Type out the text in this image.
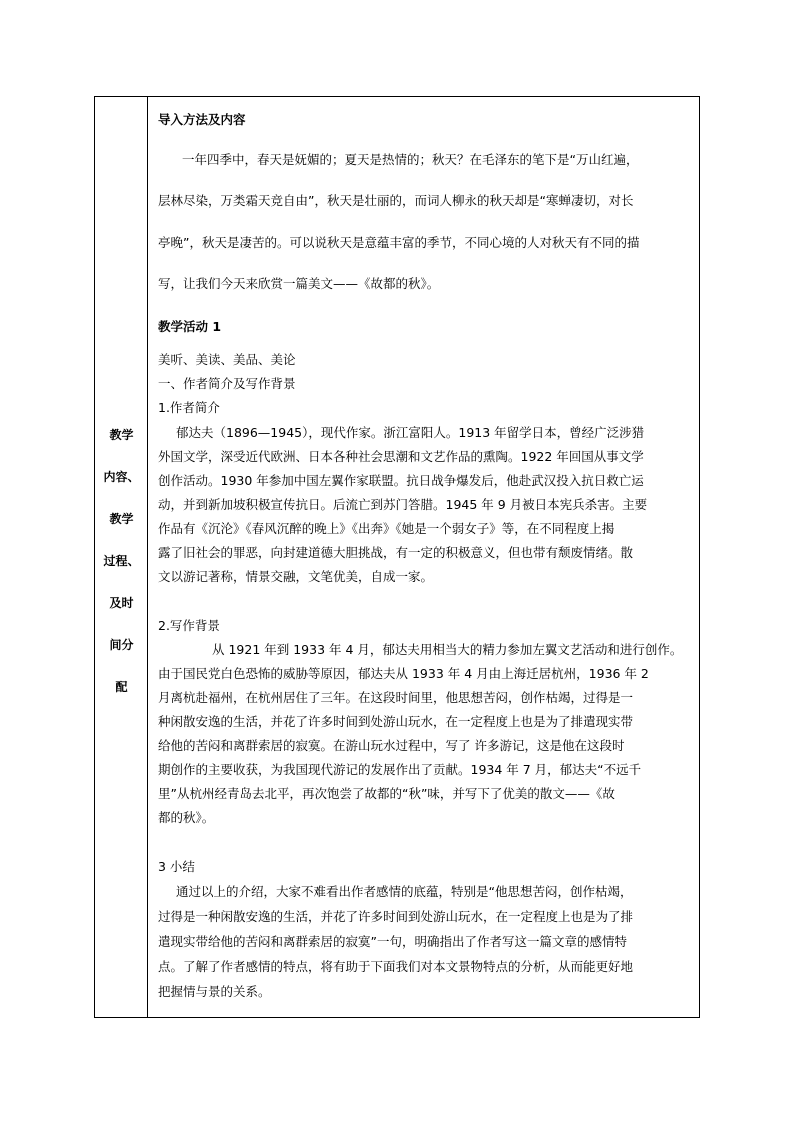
教学
内容、
教学
过程、
及时
间分
配
导入方法及内容
一年四季中，春天是妩媚的；夏天是热情的；秋天？在毛泽东的笔下是“万山红遍，
层林尽染，万类霜天竞自由”，秋天是壮丽的，而词人柳永的秋天却是“寒蝉凄切，对长
亭晚”，秋天是凄苦的。可以说秋天是意蕴丰富的季节，不同心境的人对秋天有不同的描
写，让我们今天来欣赏一篇美文——《故都的秋》。
教学活动 1
美听、美读、美品、美论
一、作者简介及写作背景
1.作者简介
郁达夫（1896—1945），现代作家。浙江富阳人。1913 年留学日本，曾经广泛涉猎
外国文学，深受近代欧洲、日本各种社会思潮和文艺作品的熏陶。1922 年回国从事文学
创作活动。1930 年参加中国左翼作家联盟。抗日战争爆发后，他赴武汉投入抗日救亡运
动，并到新加坡积极宣传抗日。后流亡到苏门答腊。1945 年 9 月被日本宪兵杀害。主要
作品有《沉沦》《春风沉醉的晚上》《出奔》《她是一个弱女子》等，在不同程度上揭
露了旧社会的罪恶，向封建道德大胆挑战，有一定的积极意义，但也带有颓废情绪。散
文以游记著称，情景交融，文笔优美，自成一家。
2.写作背景
从 1921 年到 1933 年 4 月，郁达夫用相当大的精力参加左翼文艺活动和进行创作。
由于国民党白色恐怖的威胁等原因，郁达夫从 1933 年 4 月由上海迁居杭州，1936 年 2
月离杭赴福州，在杭州居住了三年。在这段时间里，他思想苦闷，创作枯竭，过得是一
种闲散安逸的生活，并花了许多时间到处游山玩水，在一定程度上也是为了排遣现实带
给他的苦闷和离群索居的寂寞。在游山玩水过程中，写了 许多游记，这是他在这段时
期创作的主要收获，为我国现代游记的发展作出了贡献。1934 年 7 月，郁达夫“不远千
里”从杭州经青岛去北平，再次饱尝了故都的“秋”味，并写下了优美的散文——《故
都的秋》。
3 小结
通过以上的介绍，大家不难看出作者感情的底蕴，特别是“他思想苦闷，创作枯竭，
过得是一种闲散安逸的生活，并花了许多时间到处游山玩水，在一定程度上也是为了排
遣现实带给他的苦闷和离群索居的寂寞”一句，明确指出了作者写这一篇文章的感情特
点。了解了作者感情的特点，将有助于下面我们对本文景物特点的分析，从而能更好地
把握情与景的关系。
